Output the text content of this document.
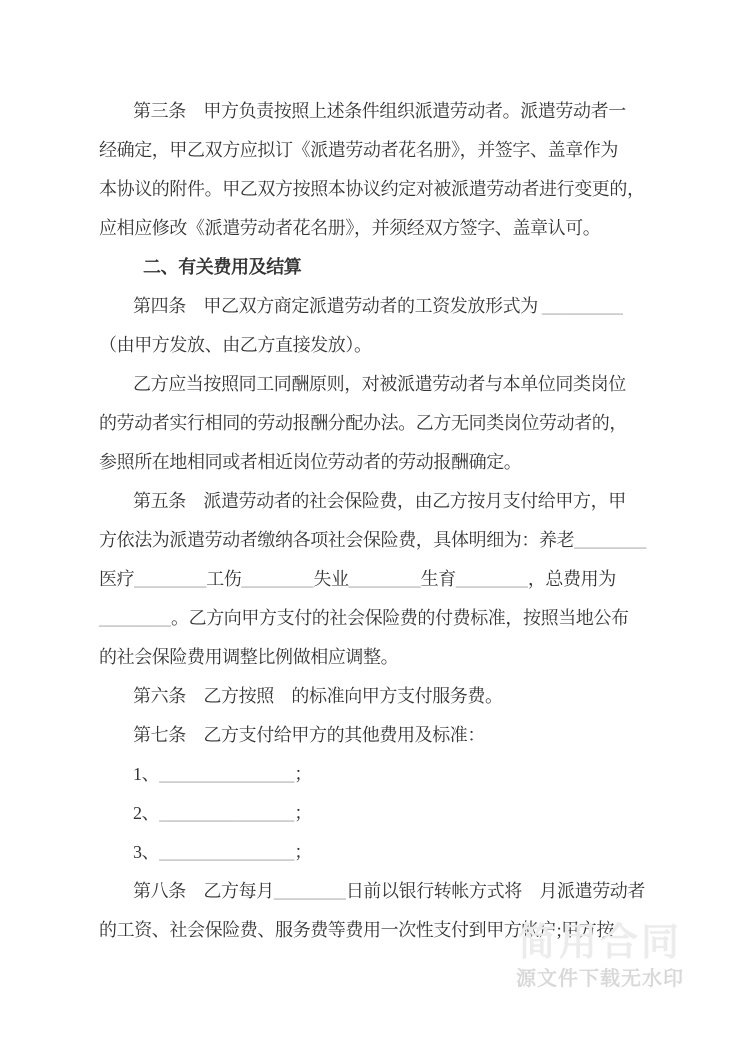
第三条　甲方负责按照上述条件组织派遣劳动者。派遣劳动者一
经确定，甲乙双方应拟订《派遣劳动者花名册》，并签字、盖章作为
本协议的附件。甲乙双方按照本协议约定对被派遣劳动者进行变更的，
应相应修改《派遣劳动者花名册》，并须经双方签字、盖章认可。
二、有关费用及结算
第四条　甲乙双方商定派遣劳动者的工资发放形式为 _________
（由甲方发放、由乙方直接发放）。
乙方应当按照同工同酬原则，对被派遣劳动者与本单位同类岗位
的劳动者实行相同的劳动报酬分配办法。乙方无同类岗位劳动者的，
参照所在地相同或者相近岗位劳动者的劳动报酬确定。
第五条　派遣劳动者的社会保险费，由乙方按月支付给甲方，甲
方依法为派遣劳动者缴纳各项社会保险费，具体明细为：养老________
医疗________工伤________失业________生育________，总费用为
________。乙方向甲方支付的社会保险费的付费标准，按照当地公布
的社会保险费用调整比例做相应调整。
第六条　乙方按照　的标准向甲方支付服务费。
第七条　乙方支付给甲方的其他费用及标准：
1、_______________；
2、_______________；
3、_______________；
第八条　乙方每月________日前以银行转帐方式将　月派遣劳动者
的工资、社会保险费、服务费等费用一次性支付到甲方帐户;甲方按
简用合同
源文件下载无水印
